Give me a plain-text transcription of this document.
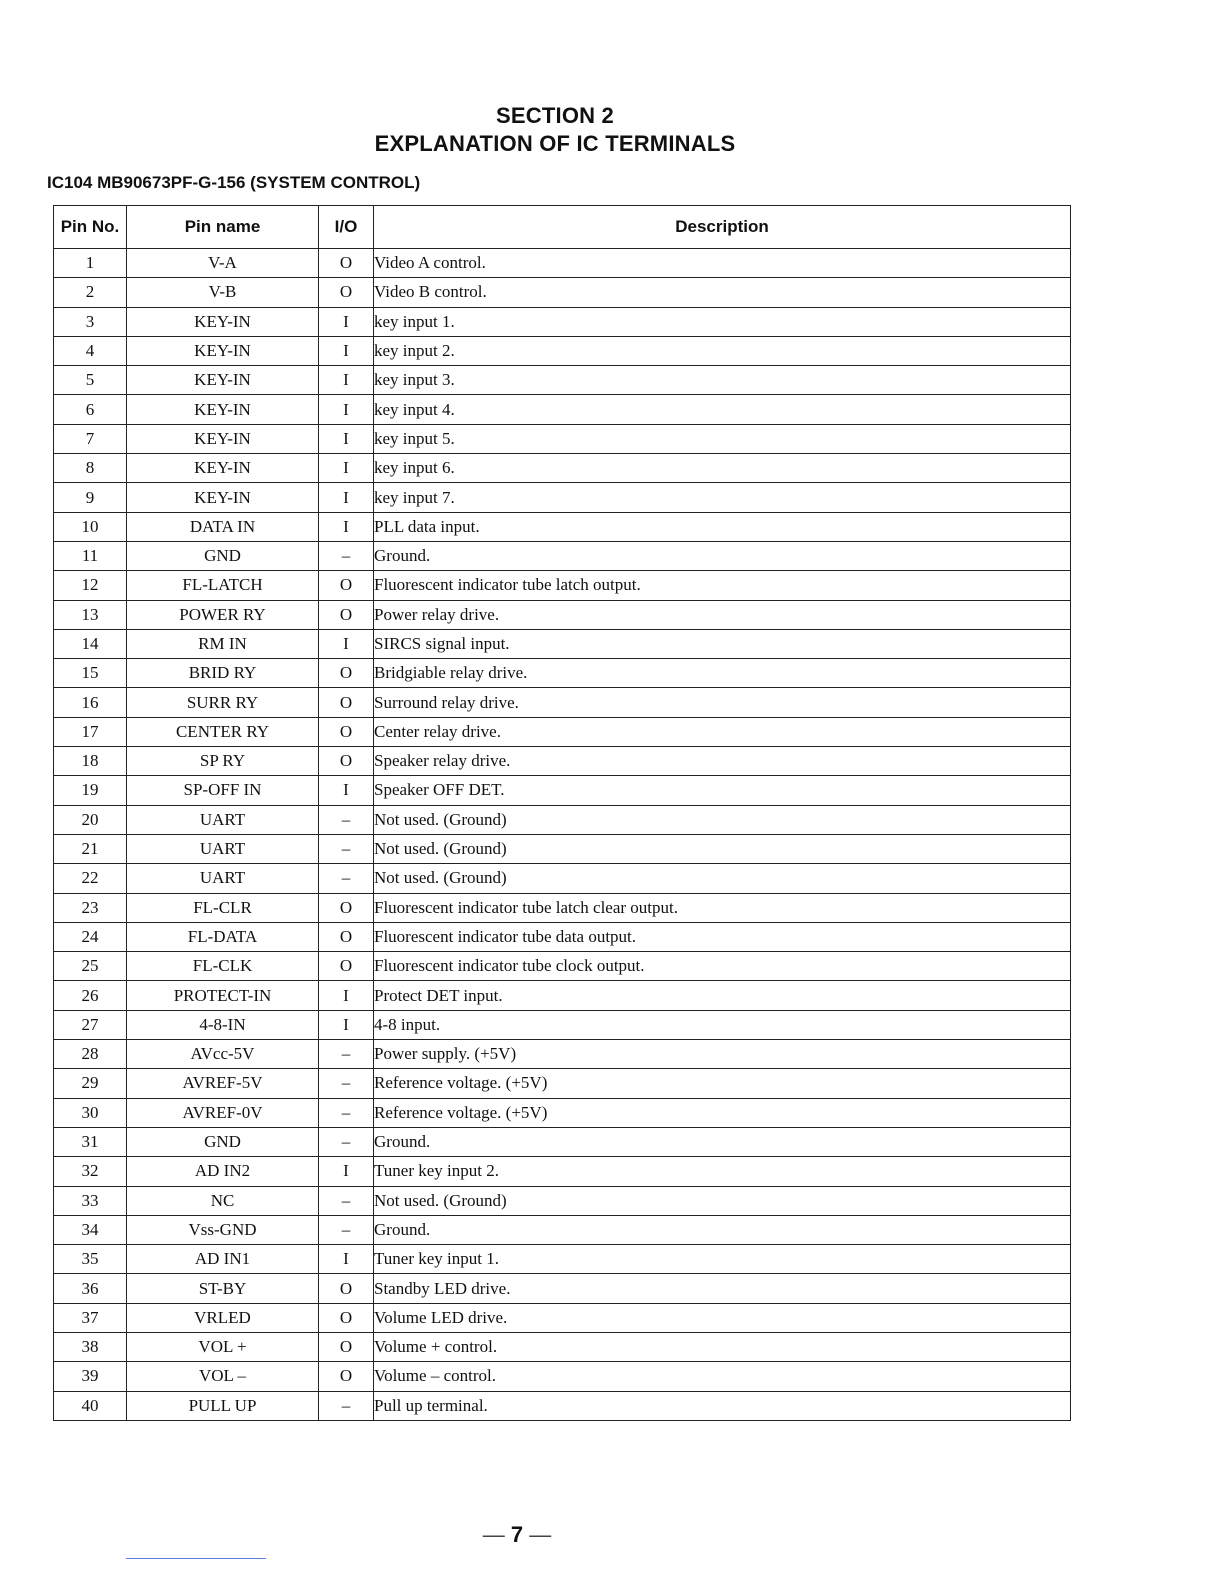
SECTION 2
EXPLANATION OF IC TERMINALS
IC104 MB90673PF-G-156 (SYSTEM CONTROL)
Pin No.	Pin name	I/O	Description
1	V-A	O	Video A control.
2	V-B	O	Video B control.
3	KEY-IN	I	key input 1.
4	KEY-IN	I	key input 2.
5	KEY-IN	I	key input 3.
6	KEY-IN	I	key input 4.
7	KEY-IN	I	key input 5.
8	KEY-IN	I	key input 6.
9	KEY-IN	I	key input 7.
10	DATA IN	I	PLL data input.
11	GND	–	Ground.
12	FL-LATCH	O	Fluorescent indicator tube latch output.
13	POWER RY	O	Power relay drive.
14	RM IN	I	SIRCS signal input.
15	BRID RY	O	Bridgiable relay drive.
16	SURR RY	O	Surround relay drive.
17	CENTER RY	O	Center relay drive.
18	SP RY	O	Speaker relay drive.
19	SP-OFF IN	I	Speaker OFF DET.
20	UART	–	Not used. (Ground)
21	UART	–	Not used. (Ground)
22	UART	–	Not used. (Ground)
23	FL-CLR	O	Fluorescent indicator tube latch clear output.
24	FL-DATA	O	Fluorescent indicator tube data output.
25	FL-CLK	O	Fluorescent indicator tube clock output.
26	PROTECT-IN	I	Protect DET input.
27	4-8-IN	I	4-8 input.
28	AVcc-5V	–	Power supply. (+5V)
29	AVREF-5V	–	Reference voltage. (+5V)
30	AVREF-0V	–	Reference voltage. (+5V)
31	GND	–	Ground.
32	AD IN2	I	Tuner key input 2.
33	NC	–	Not used. (Ground)
34	Vss-GND	–	Ground.
35	AD IN1	I	Tuner key input 1.
36	ST-BY	O	Standby LED drive.
37	VRLED	O	Volume LED drive.
38	VOL +	O	Volume + control.
39	VOL –	O	Volume – control.
40	PULL UP	–	Pull up terminal.
— 7 —
